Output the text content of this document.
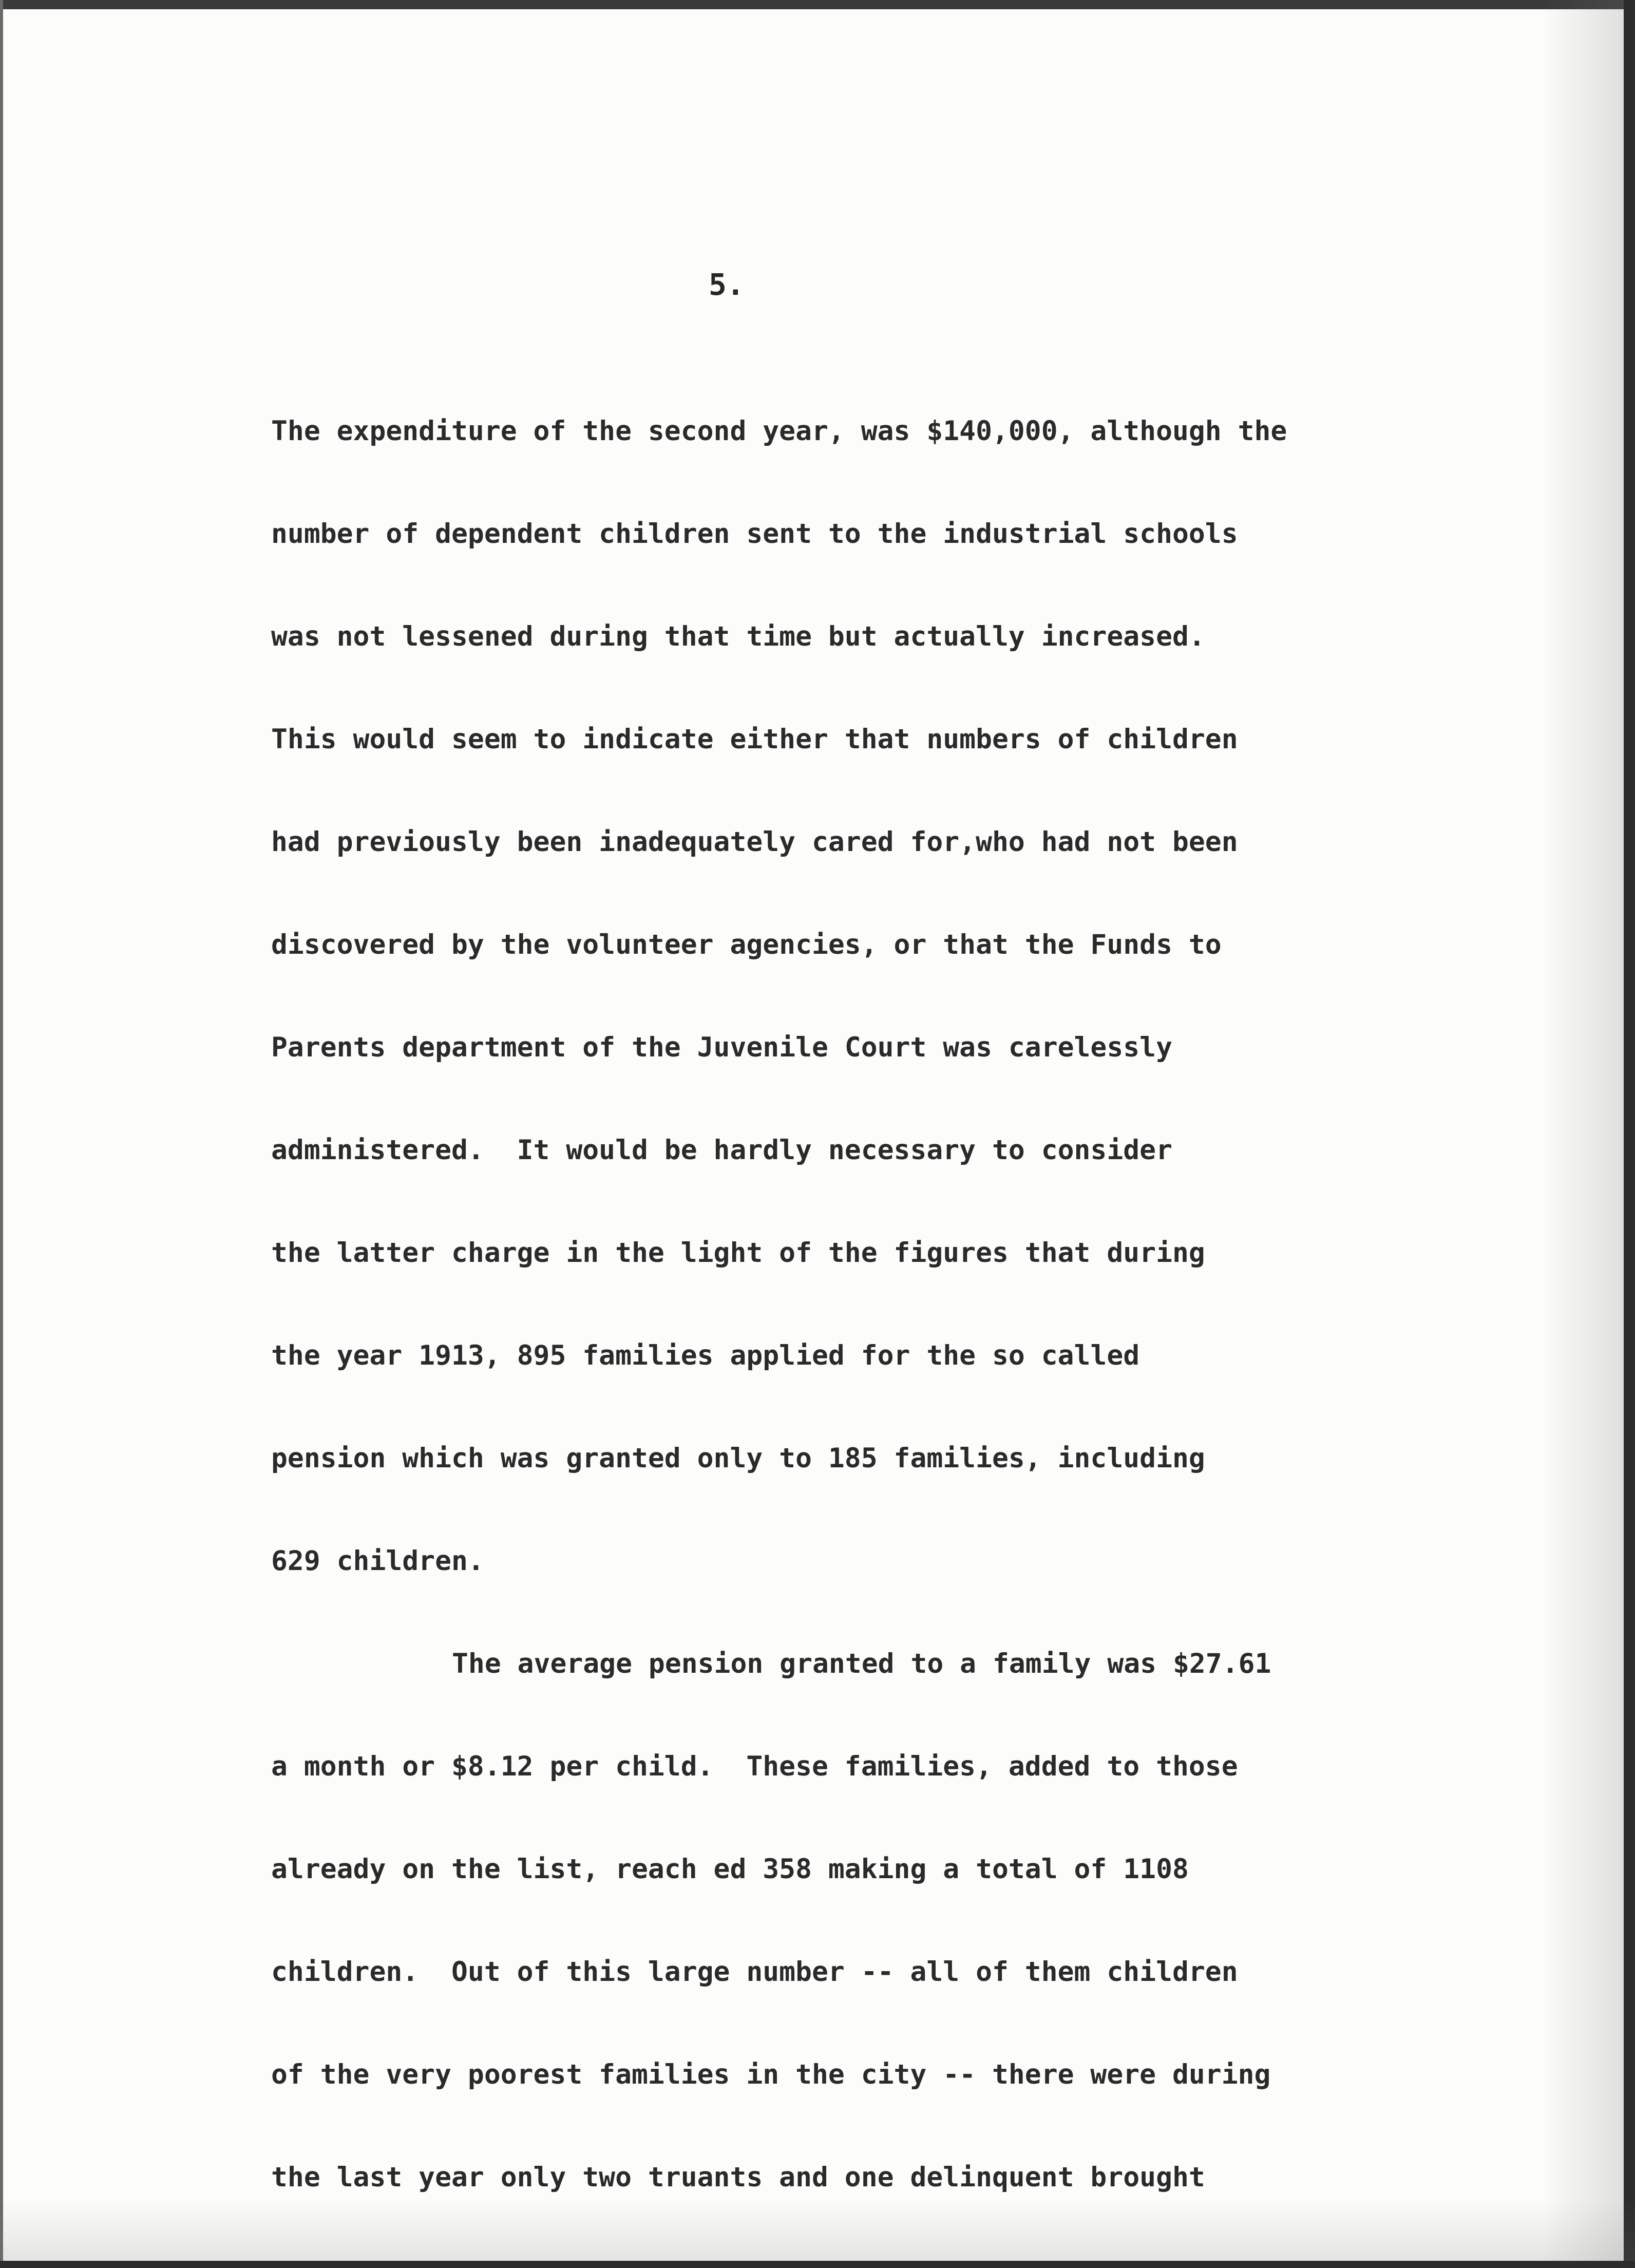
5.

The expenditure of the second year, was $140,000, although the
number of dependent children sent to the industrial schools
was not lessened during that time but actually increased.
This would seem to indicate either that numbers of children
had previously been inadequately cared for,who had not been
discovered by the volunteer agencies, or that the Funds to
Parents department of the Juvenile Court was carelessly
administered.  It would be hardly necessary to consider
the latter charge in the light of the figures that during
the year 1913, 895 families applied for the so called
pension which was granted only to 185 families, including
629 children.
The average pension granted to a family was $27.61
a month or $8.12 per child.  These families, added to those
already on the list, reach ed 358 making a total of 1108
children.  Out of this large number -- all of them children
of the very poorest families in the city -- there were during
the last year only two truants and one delinquent brought
